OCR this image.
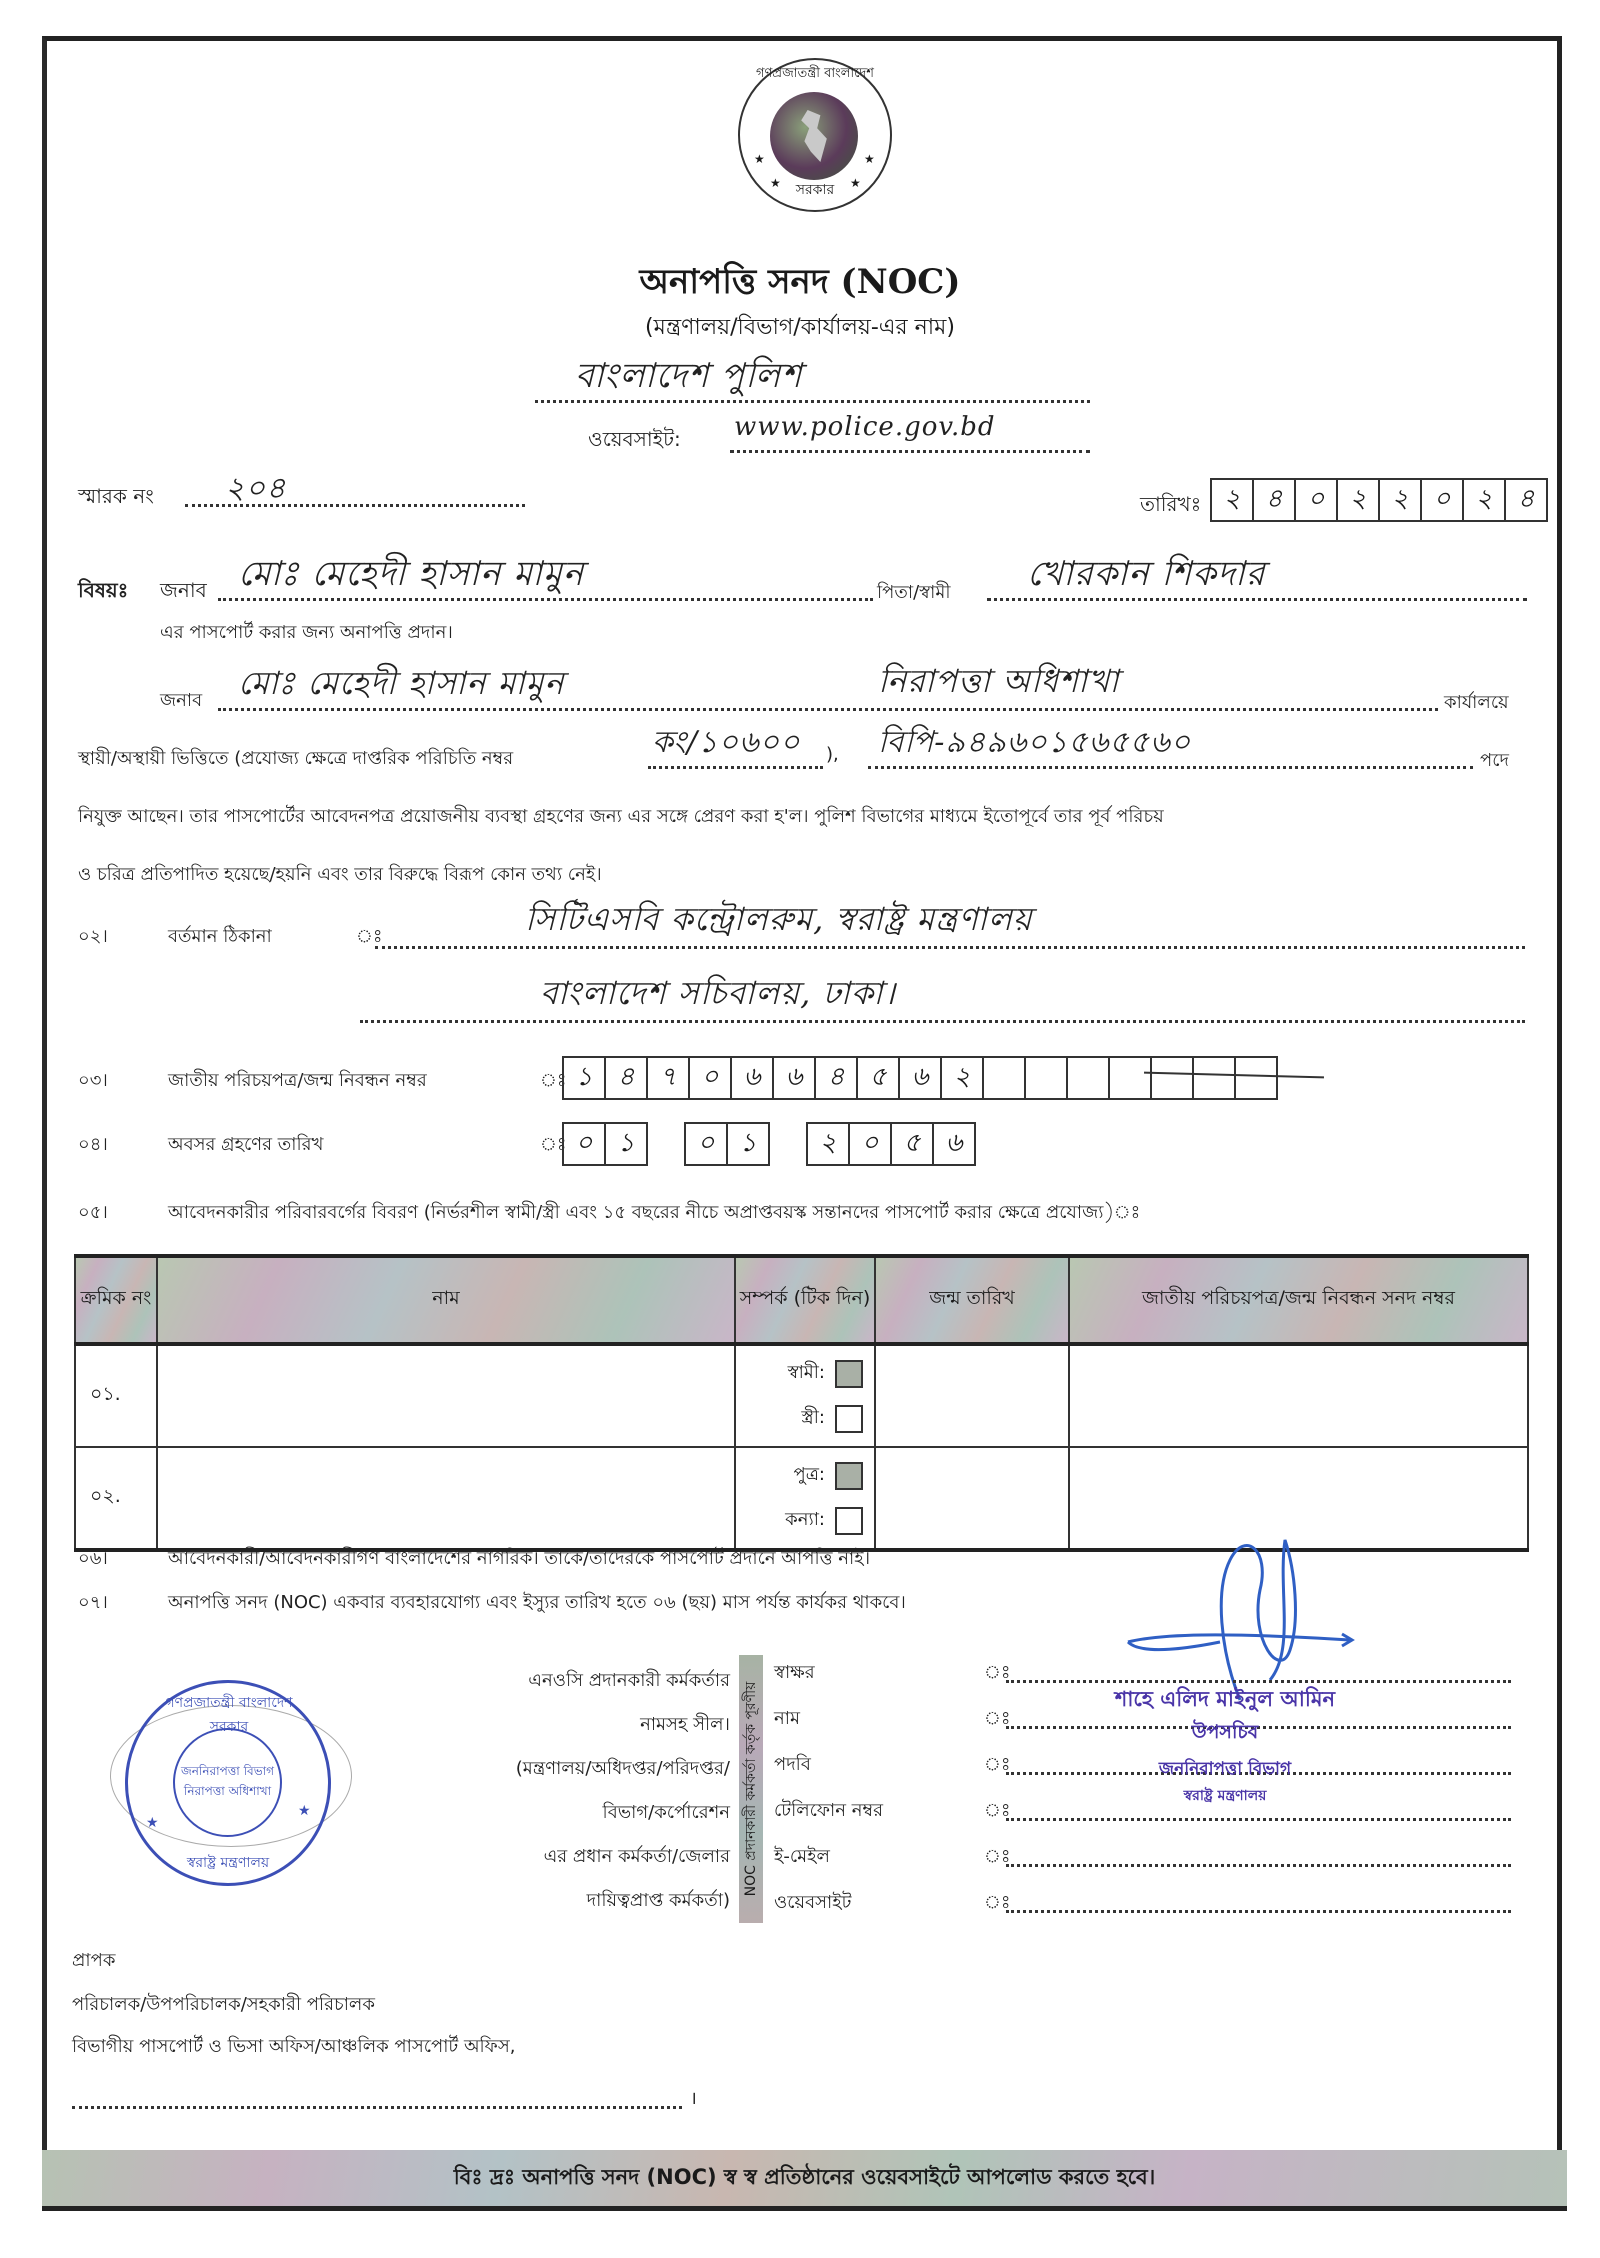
গণপ্রজাতন্ত্রী বাংলাদেশ
★	★
★	★
সরকার
অনাপত্তি সনদ (NOC)
(মন্ত্রণালয়/বিভাগ/কার্যালয়-এর নাম)
বাংলাদেশ পুলিশ
ওয়েবসাইট: www.police.gov.bd
স্মারক নং ২০৪	তারিখঃ ২ ৪ ০ ২ ২ ০ ২ ৪
বিষয়ঃ জনাব মোঃ মেহেদী হাসান মামুন	পিতা/স্বামী খোরকান শিকদার
এর পাসপোর্ট করার জন্য অনাপত্তি প্রদান।
জনাব মোঃ মেহেদী হাসান মামুন	নিরাপত্তা অধিশাখা
কার্যালয়ে
স্থায়ী/অস্থায়ী ভিত্তিতে (প্রযোজ্য ক্ষেত্রে দাপ্তরিক পরিচিতি নম্বর	কং/১০৬০০ ), বিপি-৯৪৯৬০১৫৬৫৫৬০
পদে
নিযুক্ত আছেন। তার পাসপোর্টের আবেদনপত্র প্রয়োজনীয় ব্যবস্থা গ্রহণের জন্য এর সঙ্গে প্রেরণ করা হ'ল। পুলিশ বিভাগের মাধ্যমে ইতোপূর্বে তার পূর্ব পরিচয়
ও চরিত্র প্রতিপাদিত হয়েছে/হয়নি এবং তার বিরুদ্ধে বিরূপ কোন তথ্য নেই।
০২।	বর্তমান ঠিকানা	ঃ	সিটিএসবি কন্ট্রোলরুম, স্বরাষ্ট্র মন্ত্রণালয়
বাংলাদেশ সচিবালয়, ঢাকা।
০৩।	জাতীয় পরিচয়পত্র/জন্ম নিবন্ধন নম্বর	ঃ ১ ৪ ৭ ০ ৬ ৬ ৪ ৫ ৬ ২
০৪।	অবসর গ্রহণের তারিখ	ঃ ০ ১	০ ১	২ ০ ৫ ৬
০৫।	আবেদনকারীর পরিবারবর্গের বিবরণ (নির্ভরশীল স্বামী/স্ত্রী এবং ১৫ বছরের নীচে অপ্রাপ্তবয়স্ক সন্তানদের পাসপোর্ট করার ক্ষেত্রে প্রযোজ্য)ঃ
ক্রমিক নং	নাম	সম্পর্ক (টিক দিন)	জন্ম তারিখ	জাতীয় পরিচয়পত্র/জন্ম নিবন্ধন সনদ নম্বর
০১.		স্বামী:
স্ত্রী:		

০২.		পুত্র:
কন্যা:		

০৬।	আবেদনকারী/আবেদনকারীগণ বাংলাদেশের নাগরিক। তাকে/তাদেরকে পাসপোর্ট প্রদানে আপত্তি নাই।
০৭।	অনাপত্তি সনদ (NOC) একবার ব্যবহারযোগ্য এবং ইস্যুর তারিখ হতে ০৬ (ছয়) মাস পর্যন্ত কার্যকর থাকবে।
এনওসি প্রদানকারী কর্মকর্তার
নামসহ সীল।
(মন্ত্রণালয়/অধিদপ্তর/পরিদপ্তর/
বিভাগ/কর্পোরেশন
এর প্রধান কর্মকর্তা/জেলার
দায়িত্বপ্রাপ্ত কর্মকর্তা)
NOC প্রদানকারী কর্মকর্তা কর্তৃক পূরণীয়
স্বাক্ষর	ঃ
নাম	ঃ
পদবি	ঃ
টেলিফোন নম্বর	ঃ
ই-মেইল	ঃ
ওয়েবসাইট	ঃ
শাহে এলিদ মাইনুল আমিন
উপসচিব
জননিরাপত্তা বিভাগ
স্বরাষ্ট্র মন্ত্রণালয়
গণপ্রজাতন্ত্রী বাংলাদেশ সরকার
জননিরাপত্তা বিভাগ
নিরাপত্তা অধিশাখা
★
★
স্বরাষ্ট্র মন্ত্রণালয়
প্রাপক
পরিচালক/উপপরিচালক/সহকারী পরিচালক
বিভাগীয় পাসপোর্ট ও ভিসা অফিস/আঞ্চলিক পাসপোর্ট অফিস,
।
বিঃ দ্রঃ অনাপত্তি সনদ (NOC) স্ব স্ব প্রতিষ্ঠানের ওয়েবসাইটে আপলোড করতে হবে।
